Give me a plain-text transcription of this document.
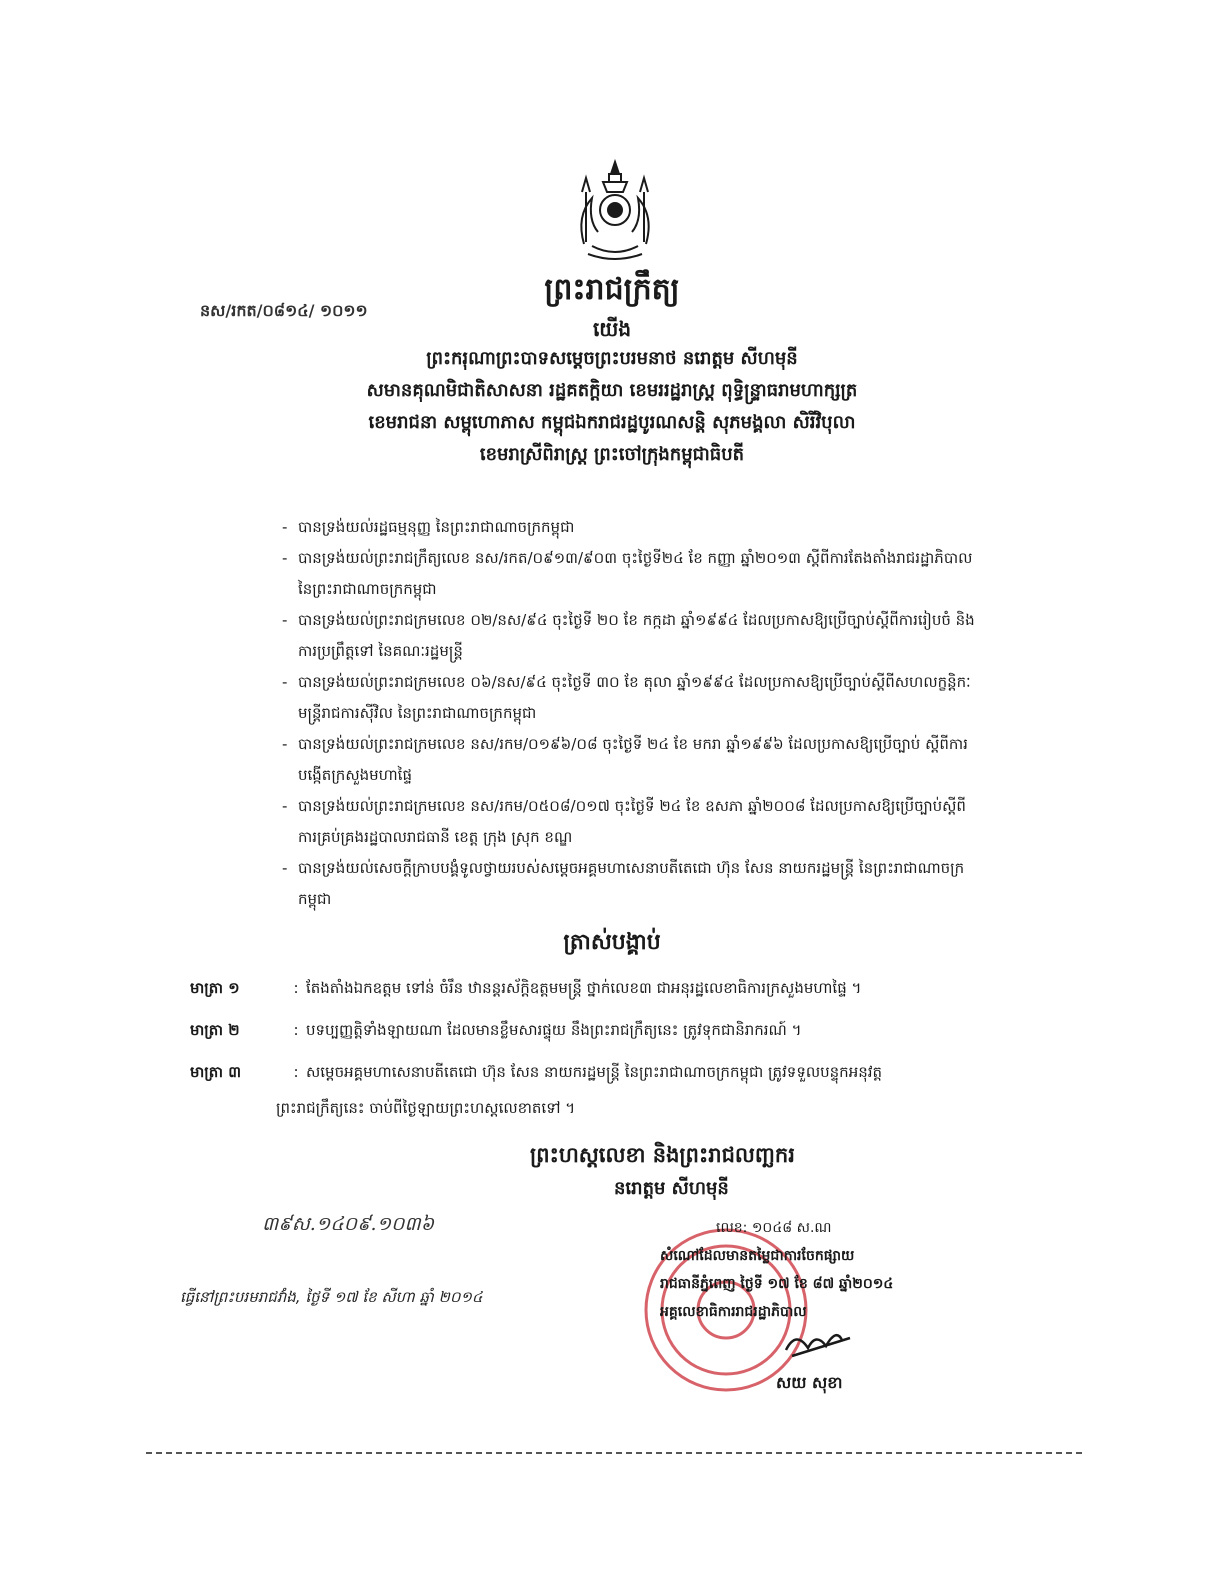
ព្រះរាជក្រឹត្យ
នស/រកត/០៨១៤/ ១០១១
យើង
ព្រះករុណាព្រះបាទសម្តេចព្រះបរមនាថ នរោត្តម សីហមុនី
សមានគុណមិជាតិសាសនា រដ្ឋគតក្តិយា ខេមររដ្ឋរាស្ត្រ ពុទ្ធិន្ទ្រាធរាមហាក្សត្រ
ខេមរាជនា សម្ពុហោភាស កម្ពុជឯករាជរដ្ឋបូរណសន្តិ សុភមង្គលា សិរីវិបុលា
ខេមរាស្រីពិរាស្ត្រ ព្រះចៅក្រុងកម្ពុជាធិបតី
- បានទ្រង់យល់រដ្ឋធម្មនុញ្ញ នៃព្រះរាជាណាចក្រកម្ពុជា
- បានទ្រង់យល់ព្រះរាជក្រឹត្យលេខ នស/រកត/០៩១៣/៩០៣ ចុះថ្ងៃទី២៤ ខែ កញ្ញា ឆ្នាំ២០១៣ ស្តីពីការតែងតាំងរាជរដ្ឋាភិបាលនៃព្រះរាជាណាចក្រកម្ពុជា
- បានទ្រង់យល់ព្រះរាជក្រមលេខ ០២/នស/៩៤ ចុះថ្ងៃទី ២០ ខែ កក្កដា ឆ្នាំ១៩៩៤ ដែលប្រកាសឱ្យប្រើច្បាប់ស្តីពីការរៀបចំ និងការប្រព្រឹត្តទៅ នៃគណៈរដ្ឋមន្ត្រី
- បានទ្រង់យល់ព្រះរាជក្រមលេខ ០៦/នស/៩៤ ចុះថ្ងៃទី ៣០ ខែ តុលា ឆ្នាំ១៩៩៤ ដែលប្រកាសឱ្យប្រើច្បាប់ស្តីពីសហលក្ខន្តិកៈមន្ត្រីរាជការស៊ីវិល នៃព្រះរាជាណាចក្រកម្ពុជា
- បានទ្រង់យល់ព្រះរាជក្រមលេខ នស/រកម/០១៩៦/០៨ ចុះថ្ងៃទី ២៤ ខែ មករា ឆ្នាំ១៩៩៦ ដែលប្រកាសឱ្យប្រើច្បាប់ ស្តីពីការបង្កើតក្រសួងមហាផ្ទៃ
- បានទ្រង់យល់ព្រះរាជក្រមលេខ នស/រកម/០៥០៨/០១៧ ចុះថ្ងៃទី ២៤ ខែ ឧសភា ឆ្នាំ២០០៨ ដែលប្រកាសឱ្យប្រើច្បាប់ស្តីពីការគ្រប់គ្រងរដ្ឋបាលរាជធានី ខេត្ត ក្រុង ស្រុក ខណ្ឌ
- បានទ្រង់យល់សេចក្តីក្រាបបង្គំទូលថ្វាយរបស់សម្តេចអគ្គមហាសេនាបតីតេជោ ហ៊ុន សែន នាយករដ្ឋមន្ត្រី នៃព្រះរាជាណាចក្រកម្ពុជា
ត្រាស់បង្គាប់
មាត្រា ១	: តែងតាំងឯកឧត្តម ទៅន់ ចំរឹន ឋានន្តរស័ក្តិឧត្តមមន្ត្រី ថ្នាក់លេខ៣ ជាអនុរដ្ឋលេខាធិការក្រសួងមហាផ្ទៃ ។
មាត្រា ២	: បទប្បញ្ញត្តិទាំងឡាយណា ដែលមានខ្លឹមសារផ្ទុយ នឹងព្រះរាជក្រឹត្យនេះ ត្រូវទុកជានិរាករណ៍ ។
មាត្រា ៣	: សម្តេចអគ្គមហាសេនាបតីតេជោ ហ៊ុន សែន នាយករដ្ឋមន្ត្រី នៃព្រះរាជាណាចក្រកម្ពុជា ត្រូវទទួលបន្ទុកអនុវត្ត
ព្រះរាជក្រឹត្យនេះ ចាប់ពីថ្ងៃឡាយព្រះហស្តលេខាតទៅ ។
ព្រះហស្តលេខា និងព្រះរាជលញ្ឆករ
នរោត្តម សីហមុនី
៣៩ស.១៤០៩.១០៣៦
ធ្វើនៅព្រះបរមរាជវាំង, ថ្ងៃទី ១៧ ខែ សីហា ឆ្នាំ ២០១៤
លេខ: ១០៤៨ ស.ណ
សំណៅដែលមានតម្លៃជាការចែកផ្សាយ
រាជធានីភ្នំពេញ ថ្ងៃទី ១៧ ខែ ៨៧ ឆ្នាំ២០១៤
អគ្គលេខាធិការរាជរដ្ឋាភិបាល
សយ សុខា
